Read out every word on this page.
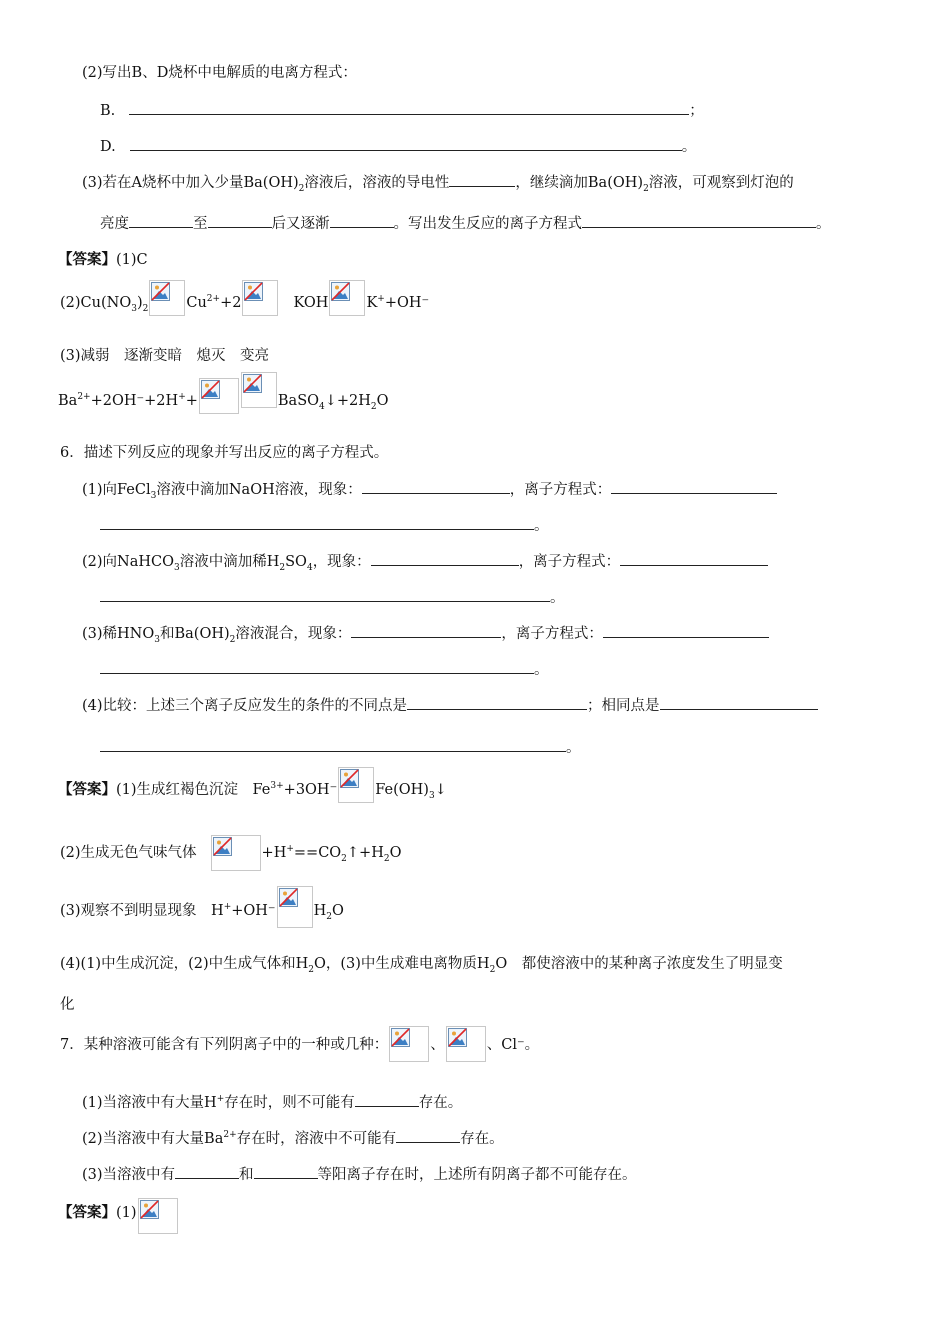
(2)写出B、D烧杯中电解质的电离方程式：
B.	；
D.	。
(3)若在A烧杯中加入少量$Ba(OH)_2$溶液后，溶液的导电性	，继续滴加$Ba(OH)_2$溶液，可观察到灯泡的
亮度	至	后又逐渐	。写出发生反应的离子方程式	。
【答案】(1)C
$(2)Cu(NO_3)_2$	$Cu^{2+}+2$	KOH	K++OH⁻
(3)减弱　逐渐变暗　熄灭　变亮
$Ba^{2+}+2OH^-+2H^++$	$BaSO_4↓+2H_2O$
6．描述下列反应的现象并写出反应的离子方程式。
(1)向FeCl$_3$溶液中滴加NaOH溶液，现象：	，离子方程式：
。
(2)向NaHCO$_3$溶液中滴加稀$H_2SO_4$，现象：	，离子方程式：
。
(3)稀$HNO_3$和$Ba(OH)_2$溶液混合，现象：	，离子方程式：
。
(4)比较：上述三个离子反应发生的条件的不同点是	；相同点是
。
【答案】(1)生成红褐色沉淀　$Fe^{3+}+3OH^-$	$Fe(OH)_3↓$
(2)生成无色气味气体	$+H^+==CO_2↑+H_2O$
(3)观察不到明显现象　H++OH⁻	$H_2O$
(4)(1)中生成沉淀，(2)中生成气体和$H_2O$，(3)中生成难电离物质$H_2O$　都使溶液中的某种离子浓度发生了明显变
化
7．某种溶液可能含有下列阴离子中的一种或几种：	、	、Cl⁻。
(1)当溶液中有大量H+存在时，则不可能有	存在。
(2)当溶液中有大量$Ba^{2+}$存在时，溶液中不可能有	存在。
(3)当溶液中有	和	等阳离子存在时，上述所有阴离子都不可能存在。
【答案】(1)
